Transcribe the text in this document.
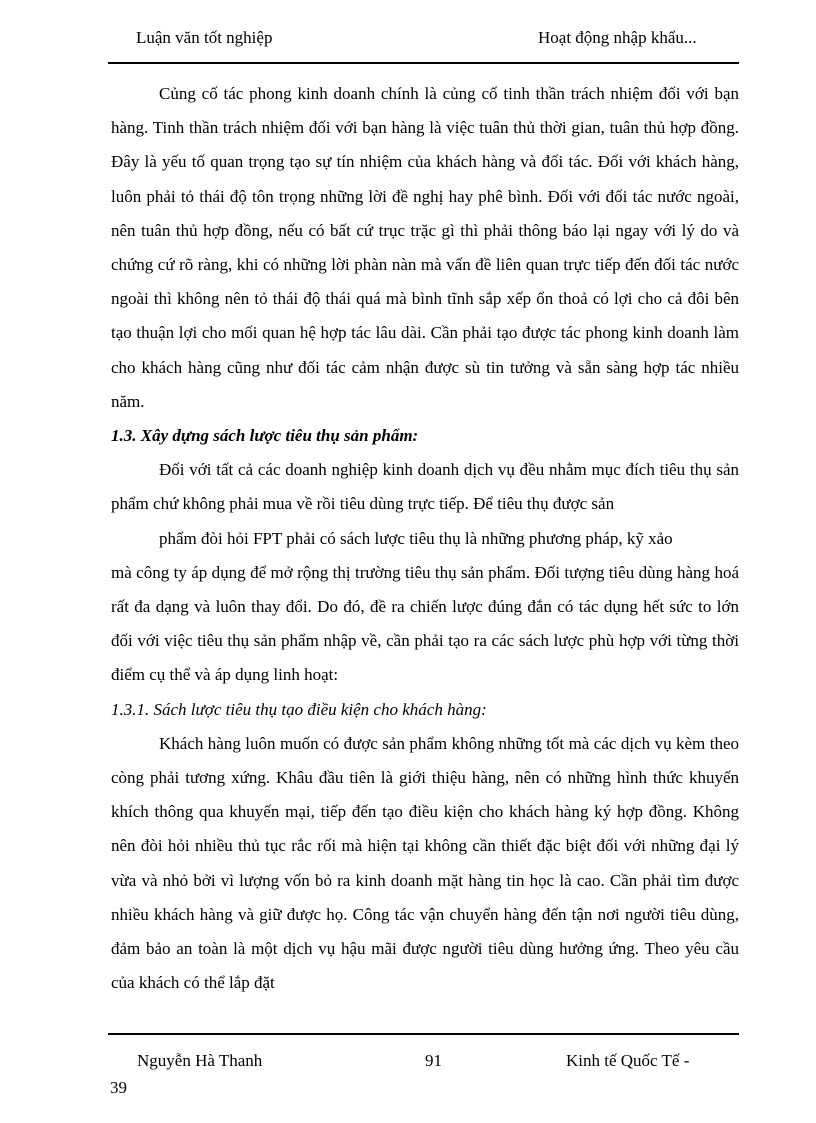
Luận văn tốt nghiệp	Hoạt động nhập khẩu...

Củng cố tác phong kinh doanh chính là củng cố tinh thần trách nhiệm đối với bạn hàng. Tinh thần trách nhiệm đối với bạn hàng là việc tuân thủ thời gian, tuân thủ hợp đồng. Đây là yếu tố quan trọng tạo sự tín nhiệm của khách hàng và đối tác. Đối với khách hàng, luôn phải tỏ thái độ tôn trọng những lời đề nghị hay phê bình. Đối với đối tác nước ngoài, nên tuân thủ hợp đồng, nếu có bất cứ trục trặc gì thì phải thông báo lại ngay với lý do và chứng cứ rõ ràng, khi có những lời phàn nàn mà vấn đề liên quan trực tiếp đến đối tác nước ngoài thì không nên tỏ thái độ thái quá mà bình tĩnh sắp xếp ổn thoả có lợi cho cả đôi bên tạo thuận lợi cho mối quan hệ hợp tác lâu dài. Cần phải tạo được tác phong kinh doanh làm cho khách hàng cũng như đối tác cảm nhận được sù tin tưởng và sẵn sàng hợp tác nhiều năm.

1.3. Xây dựng sách lược tiêu thụ sản phẩm:

Đối với tất cả các doanh nghiệp kinh doanh dịch vụ đều nhằm mục đích tiêu thụ sản phẩm chứ không phải mua về rồi tiêu dùng trực tiếp. Để tiêu thụ được sản

phẩm đòi hỏi FPT phải có sách lược tiêu thụ là những phương pháp, kỹ xảo

mà công ty áp dụng để mở rộng thị trường tiêu thụ sản phẩm. Đối tượng tiêu dùng hàng hoá rất đa dạng và luôn thay đổi. Do đó, đề ra chiến lược đúng đắn có tác dụng hết sức to lớn đối với việc tiêu thụ sản phẩm nhập về, cần phải tạo ra các sách lược phù hợp với từng thời điểm cụ thể và áp dụng linh hoạt:

1.3.1. Sách lược tiêu thụ tạo điều kiện cho khách hàng:

Khách hàng luôn muốn có được sản phẩm không những tốt mà các dịch vụ kèm theo còng phải tương xứng. Khâu đầu tiên là giới thiệu hàng, nên có những hình thức khuyến khích thông qua khuyến mại, tiếp đến tạo điều kiện cho khách hàng ký hợp đồng. Không nên đòi hỏi nhiều thủ tục rắc rối mà hiện tại không cần thiết đặc biệt đối với những đại lý vừa và nhỏ bởi vì lượng vốn bỏ ra kinh doanh mặt hàng tin học là cao. Cần phải tìm được nhiều khách hàng và giữ được họ. Công tác vận chuyển hàng đến tận nơi người tiêu dùng, đảm bảo an toàn là một dịch vụ hậu mãi được người tiêu dùng hưởng ứng. Theo yêu cầu của khách có thể lắp đặt

Nguyễn Hà Thanh	91	Kinh tế Quốc Tế -
39
